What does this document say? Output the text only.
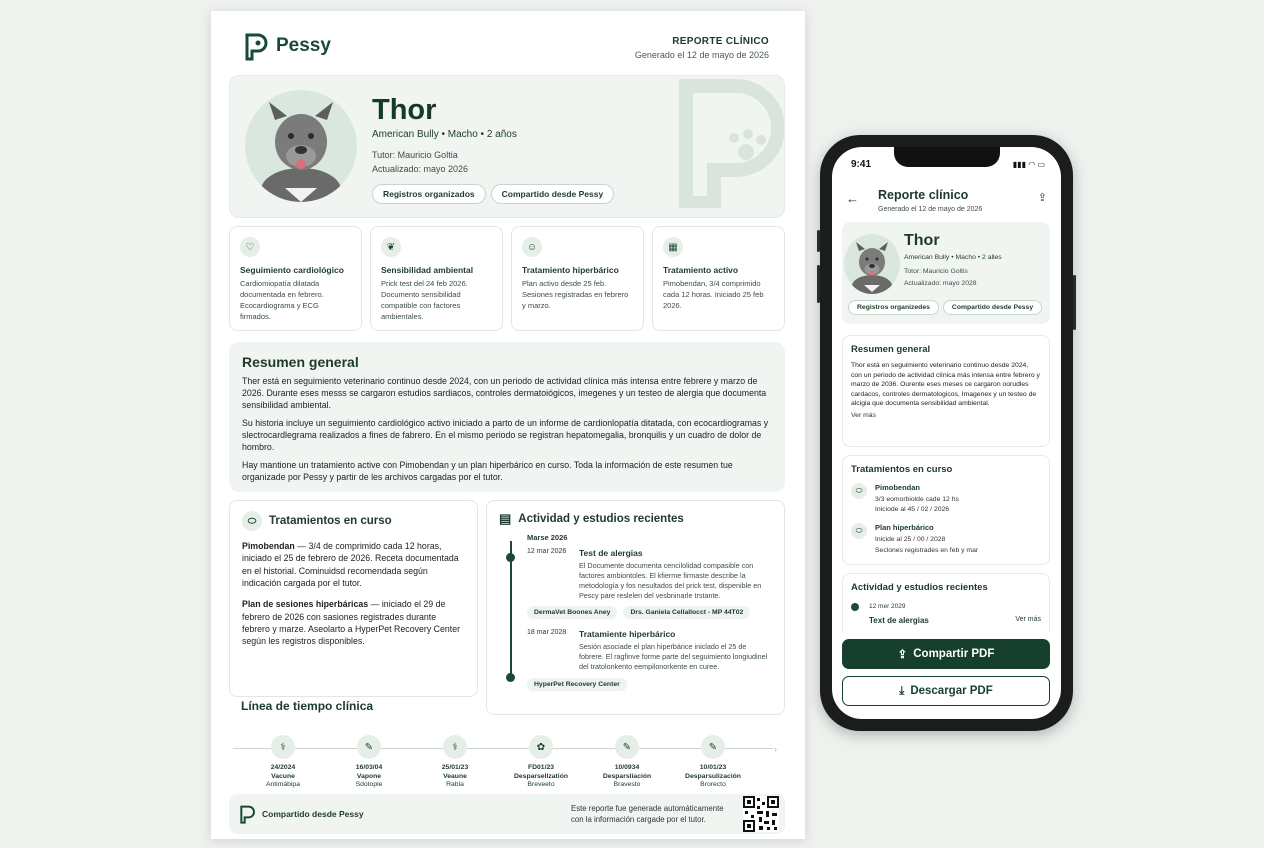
Pessy	REPORTE CLÍNICO
Generado el 12 de mayo de 2026
Thor
American Bully • Macho • 2 años
Tutor: Mauricio Goltia
Actualizado: mayo 2026
Registros organizados	Compartido desde Pessy
♡
Seguimiento cardiológico
Cardiomiopatía dilatada documentada en febrero. Ecocardiograma y ECG firmados.
❦
Sensibilidad ambiental
Prick test del 24 feb 2026. Documento sensibilidad compatible con factores ambientales.
☺
Tratamiento hiperbárico
Plan activo desde 25 feb. Sesiones registradas en febrero y marzo.
▦
Tratamiento activo
Pimobendan, 3/4 comprimido cada 12 horas. Iniciado 25 feb 2026.
Resumen general

Ther está en seguimiento veterinario continuo desde 2024, con un periodo de actividad clínica más intensa entre febrere y marzo de 2026. Durante eses messs se cargaron estudios sardiacos, controles dermatoiógicos, imegenes y un testeo de alergia que documenta sensibilidad ambiental.

Su historia incluye un seguimiento cardiológico activo iniciado a parto de un informe de cardionlopatía ditatada, con ecocardiogramas y slectrocardlegrama realizados a fines de fabrero. En el mismo periodo se registran hepatomegalia, bronquilis y un cuadro de dolor de hombro.

Hay mantione un tratamiento active con Pimobendan y un plan hiperbárico en curso. Toda la información de este resumen tue organizade por Pessy y partir de les archivos cargadas por el tutor.

⬭	Tratamientos en curso

Pimobendan — 3/4 de comprimido cada 12 horas, iniciado el 25 de febrero de 2026. Receta documentada en el historial. Cominuidsd recomendada según indicación cargada por el tutor.

Plan de sesiones hiperbáricas — iniciado el 29 de febrero de 2026 con sasiones registrades durante febrero y marze. Aseolarto a HyperPet Recovery Center según les registros disponibles.

▤ Actividad y estudios recientes
Marse 2026
12 mar 2026	Test de alergias
El Documente documenta cencilolidad compasible con factores ambiontoles. El kfierme firmaste describe la metodología y fos nesultados del prick test, dispenible en Pescy pare reslelen del vesbninarle trstante.
DermaVet Boones Aney	Drs. Ganiela Cellallocct - MP 44T02
18 mar 2028	Tratamiente hiperbárico
Sesión asociade el plan hiperbárice iniclado el 25 de fobrere. El ragfinve forme parte del seguimiento longiudinel del tratolonkento eempilonorkente en curee.
HyperPet Recovery Center
Línea de tiempo clínica
›
⚕
24/2024
Vacune
Antimábipa
✎
16/03/04
Vapone
Sdotople
⚕
25/01/23
Veaune
Rabla
✿
FD01/23
Desparsellzatión
Breveeto
✎
10/0934
Desparslíación
Bravesto
✎
10/01/23
Desparsulización
Brorecto
Compartido desde Pessy
Este reporte fue generade automáticamente
con la información cargade por el tutor.
9:41	▮▮▮ ◠ ▭
← Reporte clínico
Generado el 12 de mayo de 2026
⇪
Thor
American Bully • Macho • 2 alles
Totor: Mauricio Goltis
Actualizado: mayo 2028
Registros organizedes	Compartido desde Pessy
Resumen general

Thor está en seguimiento veterinario continuo desde 2024, con un periodo de actividad clínica más intensa entre febrero y marzo de 2036. Ourente eses meses ce cargaron oorudles cardacos, controles dermatologicos, Imagenex y un testeo de alcigia que documenta sensibilidad ambiental.

Ver más
Tratamientos en curso
⬭	Pimobendan
3/3 eomorbiolde cade 12 hs
Iniciode al 45 / 02 / 2026
⬭	Plan hiperbárico
Inicide al 25 / 00 / 2028
Seclones registrades en feb y mar
Actividad y estudios recientes
12 mer 2029
Text de alergias	Ver más
⇪ Compartir PDF
⤓ Descargar PDF
